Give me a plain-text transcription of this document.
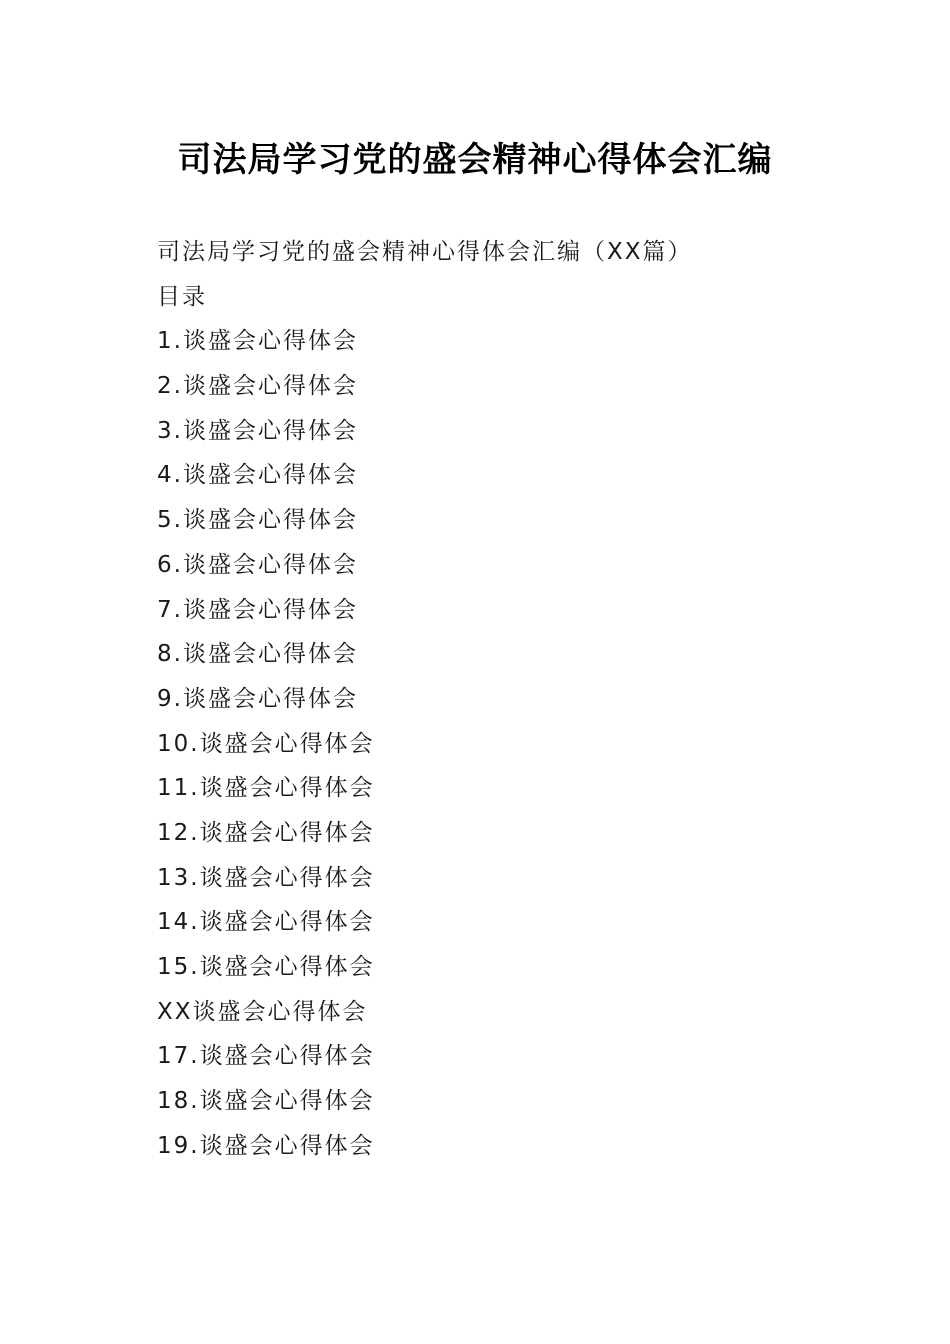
司法局学习党的盛会精神心得体会汇编
司法局学习党的盛会精神心得体会汇编（XX篇）
目录
1.谈盛会心得体会
2.谈盛会心得体会
3.谈盛会心得体会
4.谈盛会心得体会
5.谈盛会心得体会
6.谈盛会心得体会
7.谈盛会心得体会
8.谈盛会心得体会
9.谈盛会心得体会
10.谈盛会心得体会
11.谈盛会心得体会
12.谈盛会心得体会
13.谈盛会心得体会
14.谈盛会心得体会
15.谈盛会心得体会
XX谈盛会心得体会
17.谈盛会心得体会
18.谈盛会心得体会
19.谈盛会心得体会
